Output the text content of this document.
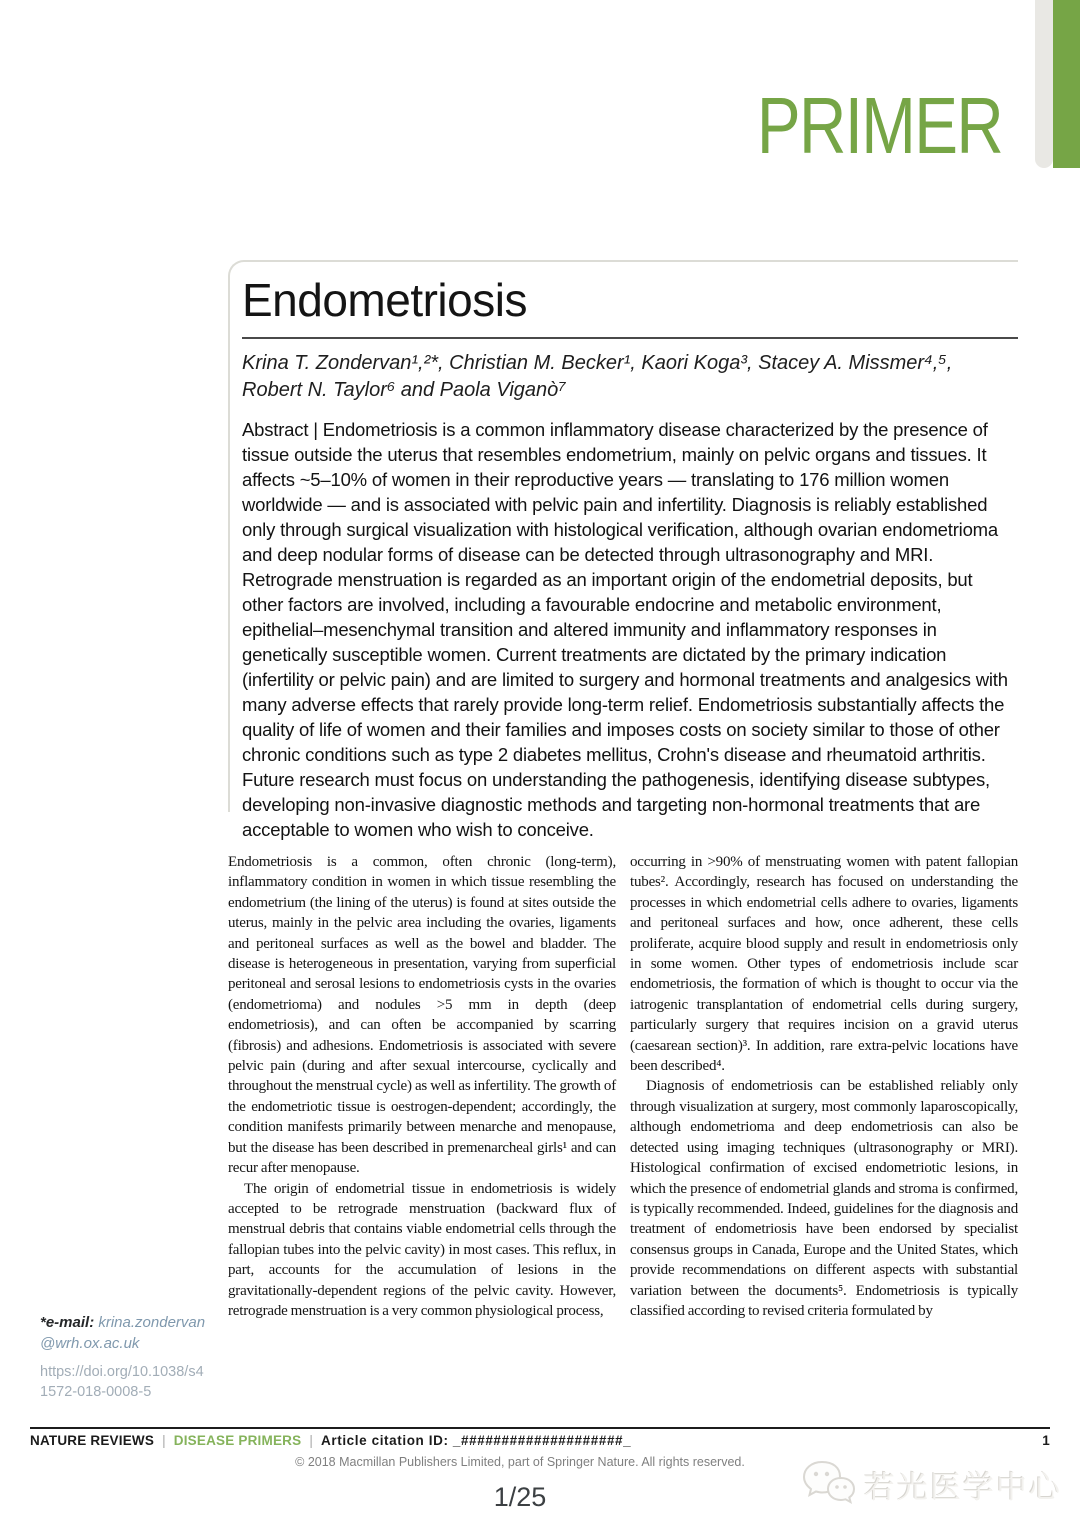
PRIMER
Endometriosis
Krina T. Zondervan¹,²*, Christian M. Becker¹, Kaori Koga³, Stacey A. Missmer⁴,⁵,
Robert N. Taylor⁶ and Paola Viganò⁷

Abstract | Endometriosis is a common inflammatory disease characterized by the presence of tissue outside the uterus that resembles endometrium, mainly on pelvic organs and tissues. It affects ~5–10% of women in their reproductive years — translating to 176 million women worldwide — and is associated with pelvic pain and infertility. Diagnosis is reliably established only through surgical visualization with histological verification, although ovarian endometrioma and deep nodular forms of disease can be detected through ultrasonography and MRI. Retrograde menstruation is regarded as an important origin of the endometrial deposits, but other factors are involved, including a favourable endocrine and metabolic environment, epithelial–mesenchymal transition and altered immunity and inflammatory responses in genetically susceptible women. Current treatments are dictated by the primary indication (infertility or pelvic pain) and are limited to surgery and hormonal treatments and analgesics with many adverse effects that rarely provide long-term relief. Endometriosis substantially affects the quality of life of women and their families and imposes costs on society similar to those of other chronic conditions such as type 2 diabetes mellitus, Crohn's disease and rheumatoid arthritis. Future research must focus on understanding the pathogenesis, identifying disease subtypes, developing non-invasive diagnostic methods and targeting non-hormonal treatments that are acceptable to women who wish to conceive.

Endometriosis is a common, often chronic (long-term), inflammatory condition in women in which tissue resembling the endometrium (the lining of the uterus) is found at sites outside the uterus, mainly in the pelvic area including the ovaries, ligaments and peritoneal surfaces as well as the bowel and bladder. The disease is heterogeneous in presentation, varying from superficial peritoneal and serosal lesions to endometriosis cysts in the ovaries (endometrioma) and nodules >5 mm in depth (deep endometriosis), and can often be accompanied by scarring (fibrosis) and adhesions. Endometriosis is associated with severe pelvic pain (during and after sexual intercourse, cyclically and throughout the menstrual cycle) as well as infertility. The growth of the endometriotic tissue is oestrogen-dependent; accordingly, the condition manifests primarily between menarche and menopause, but the disease has been described in premenarcheal girls¹ and can recur after menopause.

The origin of endometrial tissue in endometriosis is widely accepted to be retrograde menstruation (backward flux of menstrual debris that contains viable endometrial cells through the fallopian tubes into the pelvic cavity) in most cases. This reflux, in part, accounts for the accumulation of lesions in the gravitationally-dependent regions of the pelvic cavity. However, retrograde menstruation is a very common physiological process,

occurring in >90% of menstruating women with patent fallopian tubes². Accordingly, research has focused on understanding the processes in which endometrial cells adhere to ovaries, ligaments and peritoneal surfaces and how, once adherent, these cells proliferate, acquire blood supply and result in endometriosis only in some women. Other types of endometriosis include scar endometriosis, the formation of which is thought to occur via the iatrogenic transplantation of endometrial cells during surgery, particularly surgery that requires incision on a gravid uterus (caesarean section)³. In addition, rare extra-pelvic locations have been described⁴.

Diagnosis of endometriosis can be established reliably only through visualization at surgery, most commonly laparoscopically, although endometrioma and deep endometriosis can also be detected using imaging techniques (ultrasonography or MRI). Histological confirmation of excised endometriotic lesions, in which the presence of endometrial glands and stroma is confirmed, is typically recommended. Indeed, guidelines for the diagnosis and treatment of endometriosis have been endorsed by specialist consensus groups in Canada, Europe and the United States, which provide recommendations on different aspects with substantial variation between the documents⁵. Endometriosis is typically classified according to revised criteria formulated by

*e-mail: krina.zondervan@wrh.ox.ac.uk
https://doi.org/10.1038/s41572-018-0008-5
NATURE REVIEWS | DISEASE PRIMERS | Article citation ID: _####################_	1
© 2018 Macmillan Publishers Limited, part of Springer Nature. All rights reserved.
若光医学中心
1/25
